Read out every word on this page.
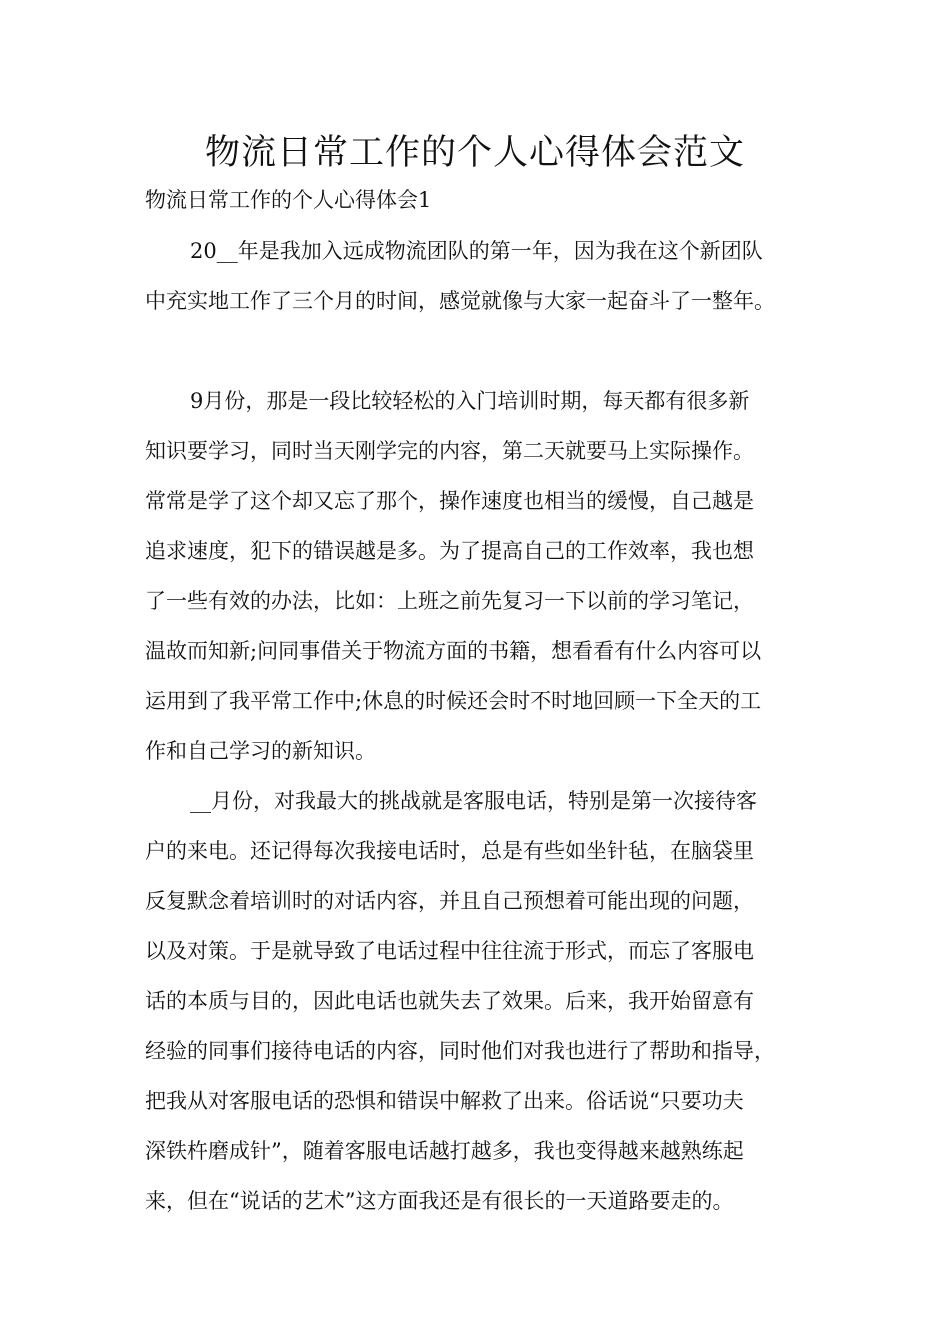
物流日常工作的个人心得体会范文

物流日常工作的个人心得体会1

20__年是我加入远成物流团队的第一年，因为我在这个新团队
中充实地工作了三个月的时间，感觉就像与大家一起奋斗了一整年。
9月份，那是一段比较轻松的入门培训时期，每天都有很多新
知识要学习，同时当天刚学完的内容，第二天就要马上实际操作。
常常是学了这个却又忘了那个，操作速度也相当的缓慢，自己越是
追求速度，犯下的错误越是多。为了提高自己的工作效率，我也想
了一些有效的办法，比如：上班之前先复习一下以前的学习笔记，
温故而知新;问同事借关于物流方面的书籍，想看看有什么内容可以
运用到了我平常工作中;休息的时候还会时不时地回顾一下全天的工
作和自己学习的新知识。
__月份，对我最大的挑战就是客服电话，特别是第一次接待客
户的来电。还记得每次我接电话时，总是有些如坐针毡，在脑袋里
反复默念着培训时的对话内容，并且自己预想着可能出现的问题，
以及对策。于是就导致了电话过程中往往流于形式，而忘了客服电
话的本质与目的，因此电话也就失去了效果。后来，我开始留意有
经验的同事们接待电话的内容，同时他们对我也进行了帮助和指导，
把我从对客服电话的恐惧和错误中解救了出来。俗话说“只要功夫
深铁杵磨成针”，随着客服电话越打越多，我也变得越来越熟练起
来，但在“说话的艺术”这方面我还是有很长的一天道路要走的。
